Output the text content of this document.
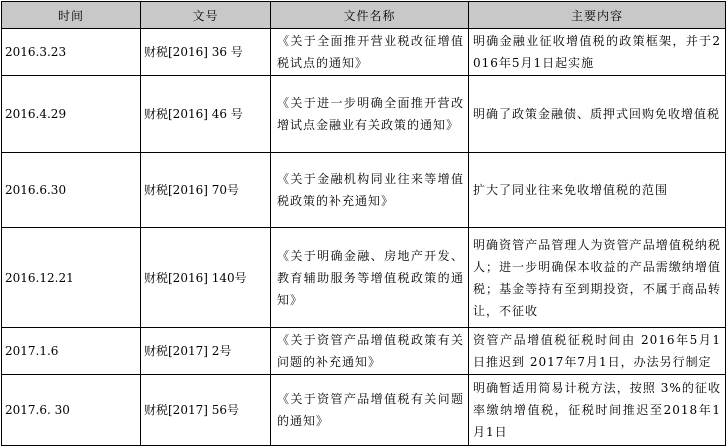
时间	文号	文件名称	主要内容
2016.3.23	财税[2016] 36 号	《关于全面推开营业税改征增值税试点的通知》	明确金融业征收增值税的政策框架，并于2016年5月1日起实施
2016.4.29	财税[2016] 46 号	《关于进一步明确全面推开营改增试点金融业有关政策的通知》	明确了政策金融债、质押式回购免收增值税
2016.6.30	财税[2016] 70号	《关于金融机构同业往来等增值税政策的补充通知》	扩大了同业往来免收增值税的范围
2016.12.21	财税[2016] 140号	《关于明确金融、房地产开发、教育辅助服务等增值税政策的通知》	明确资管产品管理人为资管产品增值税纳税人；进一步明确保本收益的产品需缴纳增值税；基金等持有至到期投资，不属于商品转让，不征收
2017.1.6	财税[2017] 2号	《关于资管产品增值税政策有关问题的补充通知》	资管产品增值税征税时间由 2016年5月1日推迟到 2017年7月1日，办法另行制定
2017.6. 30	财税[2017] 56号	《关于资管产品增值税有关问题的通知》	明确暂适用简易计税方法，按照 3%的征收率缴纳增值税，征税时间推迟至2018年1月1日
